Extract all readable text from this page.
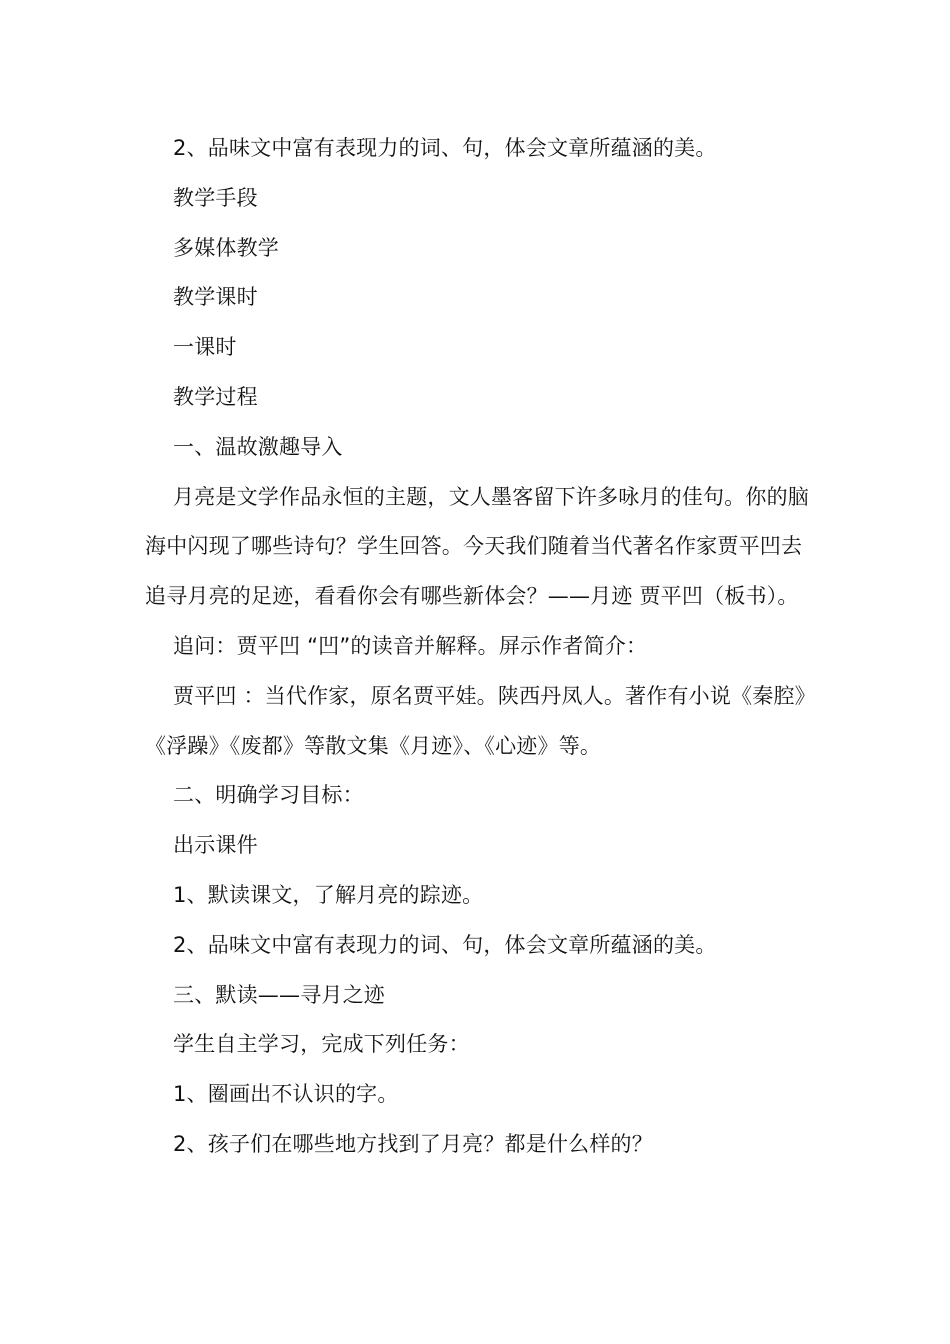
2、品味文中富有表现力的词、句，体会文章所蕴涵的美。

教学手段

多媒体教学

教学课时

一课时

教学过程

一、温故激趣导入

月亮是文学作品永恒的主题，文人墨客留下许多咏月的佳句。你的脑海中闪现了哪些诗句？学生回答。今天我们随着当代著名作家贾平凹去追寻月亮的足迹，看看你会有哪些新体会？——月迹 贾平凹（板书）。

追问：贾平凹 “凹”的读音并解释。屏示作者简介：

贾平凹 ：当代作家，原名贾平娃。陕西丹凤人。著作有小说《秦腔》《浮躁》《废都》等散文集《月迹》、《心迹》等。

二、明确学习目标：

出示课件

1、默读课文，了解月亮的踪迹。

2、品味文中富有表现力的词、句，体会文章所蕴涵的美。

三、默读——寻月之迹

学生自主学习，完成下列任务：

1、圈画出不认识的字。

2、孩子们在哪些地方找到了月亮？都是什么样的？
